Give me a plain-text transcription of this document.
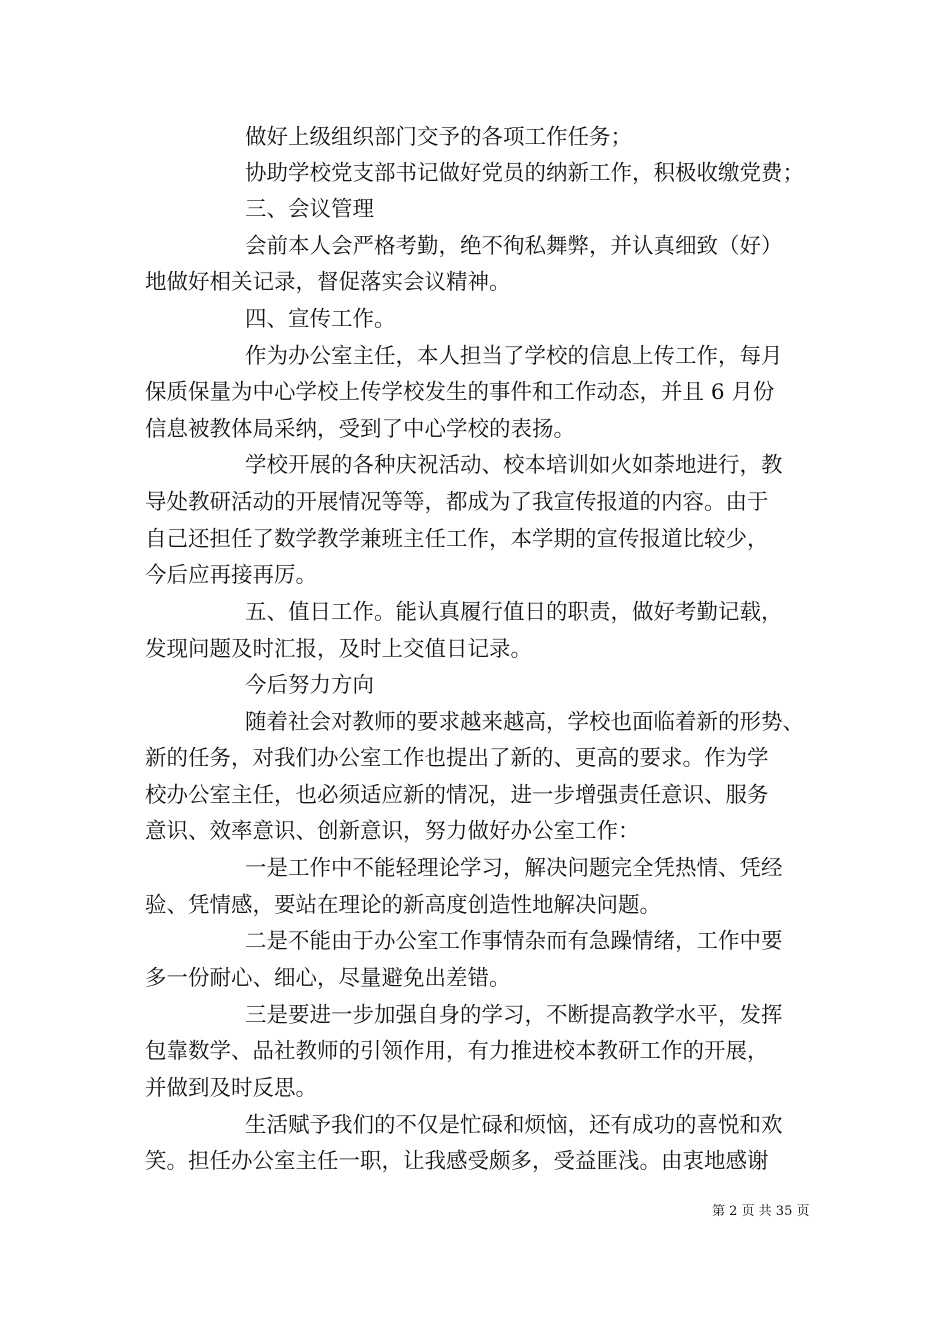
做好上级组织部门交予的各项工作任务；
协助学校党支部书记做好党员的纳新工作，积极收缴党费；
三、会议管理
会前本人会严格考勤，绝不徇私舞弊，并认真细致（好）
地做好相关记录，督促落实会议精神。
四、宣传工作。
作为办公室主任，本人担当了学校的信息上传工作，每月
保质保量为中心学校上传学校发生的事件和工作动态，并且 6 月份
信息被教体局采纳，受到了中心学校的表扬。
学校开展的各种庆祝活动、校本培训如火如荼地进行，教
导处教研活动的开展情况等等，都成为了我宣传报道的内容。由于
自己还担任了数学教学兼班主任工作，本学期的宣传报道比较少，
今后应再接再厉。
五、值日工作。能认真履行值日的职责，做好考勤记载，
发现问题及时汇报，及时上交值日记录。
今后努力方向
随着社会对教师的要求越来越高，学校也面临着新的形势、
新的任务，对我们办公室工作也提出了新的、更高的要求。作为学
校办公室主任，也必须适应新的情况，进一步增强责任意识、服务
意识、效率意识、创新意识，努力做好办公室工作：
一是工作中不能轻理论学习，解决问题完全凭热情、凭经
验、凭情感，要站在理论的新高度创造性地解决问题。
二是不能由于办公室工作事情杂而有急躁情绪，工作中要
多一份耐心、细心，尽量避免出差错。
三是要进一步加强自身的学习，不断提高教学水平，发挥
包靠数学、品社教师的引领作用，有力推进校本教研工作的开展，
并做到及时反思。
生活赋予我们的不仅是忙碌和烦恼，还有成功的喜悦和欢
笑。担任办公室主任一职，让我感受颇多，受益匪浅。由衷地感谢
第 2 页 共 35 页
